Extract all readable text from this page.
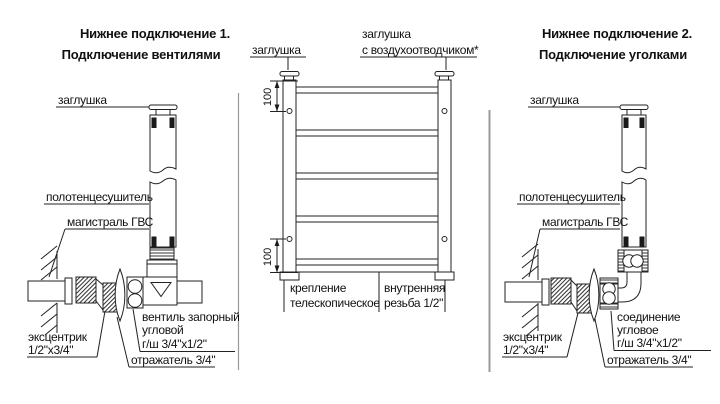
Нижнее подключение 1.
Подключение вентилями
заглушка
полотенцесушитель
магистраль ГВС
эксцентрик
1/2"x3/4"
вентиль запорный
угловой
г/ш 3/4"x1/2"
отражатель 3/4"
заглушка
заглушка
с воздухоотводчиком*
100
100
крепление
телескопическое
внутренняя
резьба 1/2"
Нижнее подключение 2.
Подключение уголками
заглушка
полотенцесушитель
магистраль ГВС
эксцентрик
1/2"x3/4"
соединение
угловое
г/ш 3/4"x1/2"
отражатель 3/4"
